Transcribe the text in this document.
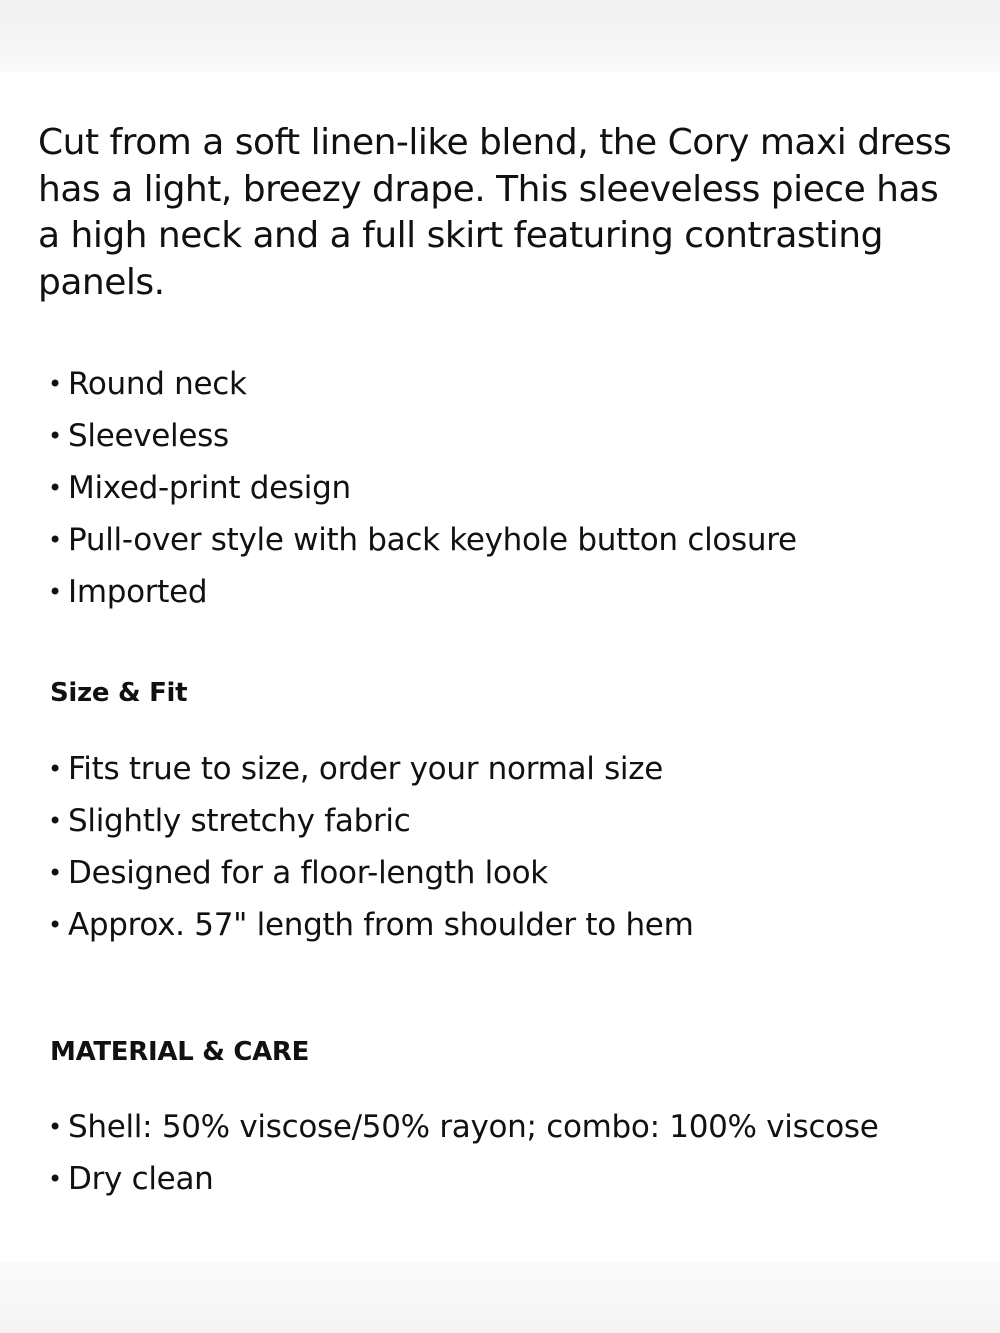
Cut from a soft linen-like blend, the Cory maxi dress has a light, breezy drape. This sleeveless piece has a high neck and a full skirt featuring contrasting panels.

• Round neck
• Sleeveless
• Mixed-print design
• Pull-over style with back keyhole button closure
• Imported
Size & Fit
• Fits true to size, order your normal size
• Slightly stretchy fabric
• Designed for a floor-length look
• Approx. 57" length from shoulder to hem
MATERIAL & CARE
• Shell: 50% viscose/50% rayon; combo: 100% viscose
• Dry clean
